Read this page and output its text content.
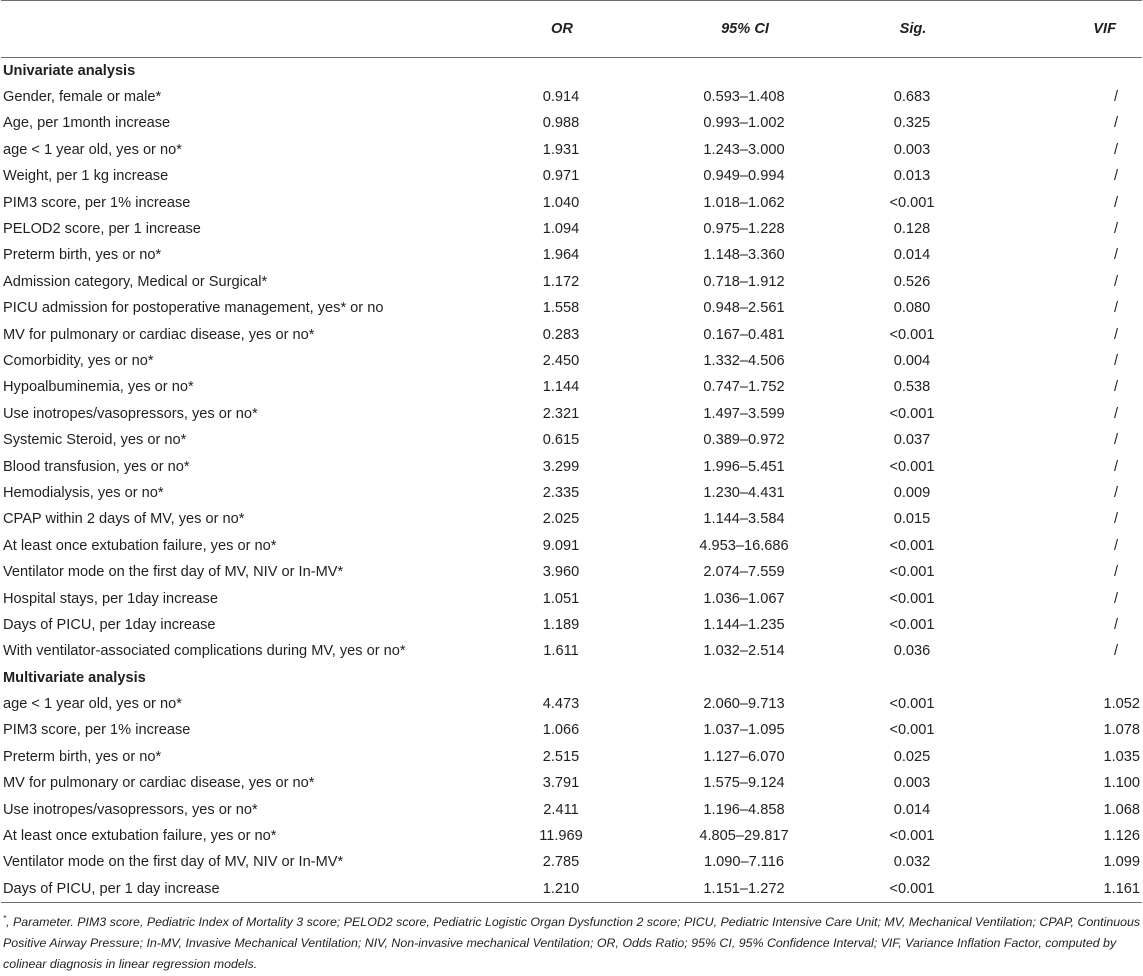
	OR	95% CI	Sig.	VIF
Univariate analysis				
Gender, female or male*	0.914	0.593–1.408	0.683	/
Age, per 1month increase	0.988	0.993–1.002	0.325	/
age < 1 year old, yes or no*	1.931	1.243–3.000	0.003	/
Weight, per 1 kg increase	0.971	0.949–0.994	0.013	/
PIM3 score, per 1% increase	1.040	1.018–1.062	<0.001	/
PELOD2 score, per 1 increase	1.094	0.975–1.228	0.128	/
Preterm birth, yes or no*	1.964	1.148–3.360	0.014	/
Admission category, Medical or Surgical*	1.172	0.718–1.912	0.526	/
PICU admission for postoperative management, yes* or no	1.558	0.948–2.561	0.080	/
MV for pulmonary or cardiac disease, yes or no*	0.283	0.167–0.481	<0.001	/
Comorbidity, yes or no*	2.450	1.332–4.506	0.004	/
Hypoalbuminemia, yes or no*	1.144	0.747–1.752	0.538	/
Use inotropes/vasopressors, yes or no*	2.321	1.497–3.599	<0.001	/
Systemic Steroid, yes or no*	0.615	0.389–0.972	0.037	/
Blood transfusion, yes or no*	3.299	1.996–5.451	<0.001	/
Hemodialysis, yes or no*	2.335	1.230–4.431	0.009	/
CPAP within 2 days of MV, yes or no*	2.025	1.144–3.584	0.015	/
At least once extubation failure, yes or no*	9.091	4.953–16.686	<0.001	/
Ventilator mode on the first day of MV, NIV or In-MV*	3.960	2.074–7.559	<0.001	/
Hospital stays, per 1day increase	1.051	1.036–1.067	<0.001	/
Days of PICU, per 1day increase	1.189	1.144–1.235	<0.001	/
With ventilator-associated complications during MV, yes or no*	1.611	1.032–2.514	0.036	/
Multivariate analysis				
age < 1 year old, yes or no*	4.473	2.060–9.713	<0.001	1.052
PIM3 score, per 1% increase	1.066	1.037–1.095	<0.001	1.078
Preterm birth, yes or no*	2.515	1.127–6.070	0.025	1.035
MV for pulmonary or cardiac disease, yes or no*	3.791	1.575–9.124	0.003	1.100
Use inotropes/vasopressors, yes or no*	2.411	1.196–4.858	0.014	1.068
At least once extubation failure, yes or no*	11.969	4.805–29.817	<0.001	1.126
Ventilator mode on the first day of MV, NIV or In-MV*	2.785	1.090–7.116	0.032	1.099
Days of PICU, per 1 day increase	1.210	1.151–1.272	<0.001	1.161
*, Parameter. PIM3 score, Pediatric Index of Mortality 3 score; PELOD2 score, Pediatric Logistic Organ Dysfunction 2 score; PICU, Pediatric Intensive Care Unit; MV, Mechanical Ventilation; CPAP, Continuous Positive Airway Pressure; In-MV, Invasive Mechanical Ventilation; NIV, Non-invasive mechanical Ventilation; OR, Odds Ratio; 95% CI, 95% Confidence Interval; VIF, Variance Inflation Factor, computed by colinear diagnosis in linear regression models.
